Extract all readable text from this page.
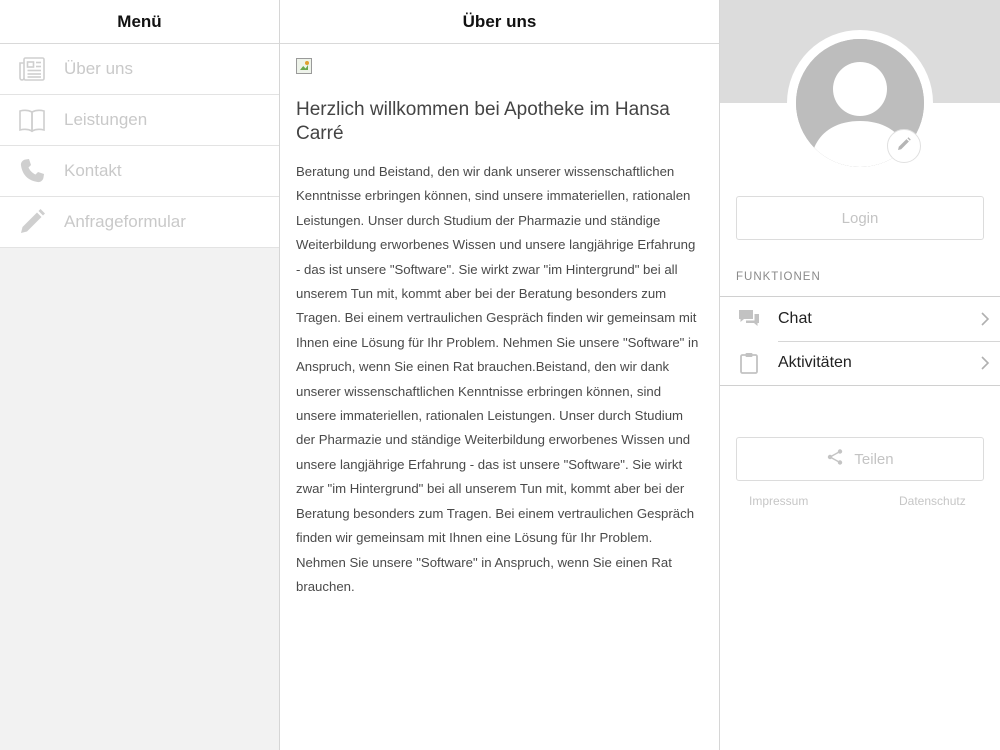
Menü
Über uns
Leistungen
Kontakt
Anfrageformular
Über uns
Herzlich willkommen bei Apotheke im Hansa Carré

Beratung und Beistand, den wir dank unserer wissenschaftlichen Kenntnisse erbringen können, sind unsere immateriellen, rationalen Leistungen. Unser durch Studium der Pharmazie und ständige Weiterbildung erworbenes Wissen und unsere langjährige Erfahrung - das ist unsere "Software". Sie wirkt zwar "im Hintergrund" bei all unserem Tun mit, kommt aber bei der Beratung besonders zum Tragen. Bei einem vertraulichen Gespräch finden wir gemeinsam mit Ihnen eine Lösung für Ihr Problem. Nehmen Sie unsere "Software" in Anspruch, wenn Sie einen Rat brauchen.Beistand, den wir dank unserer wissenschaftlichen Kenntnisse erbringen können, sind unsere immateriellen, rationalen Leistungen. Unser durch Studium der Pharmazie und ständige Weiterbildung erworbenes Wissen und unsere langjährige Erfahrung - das ist unsere "Software". Sie wirkt zwar "im Hintergrund" bei all unserem Tun mit, kommt aber bei der Beratung besonders zum Tragen. Bei einem vertraulichen Gespräch finden wir gemeinsam mit Ihnen eine Lösung für Ihr Problem. Nehmen Sie unsere "Software" in Anspruch, wenn Sie einen Rat brauchen.

Login
FUNKTIONEN
Chat
Aktivitäten
Teilen
Impressum	Datenschutz
